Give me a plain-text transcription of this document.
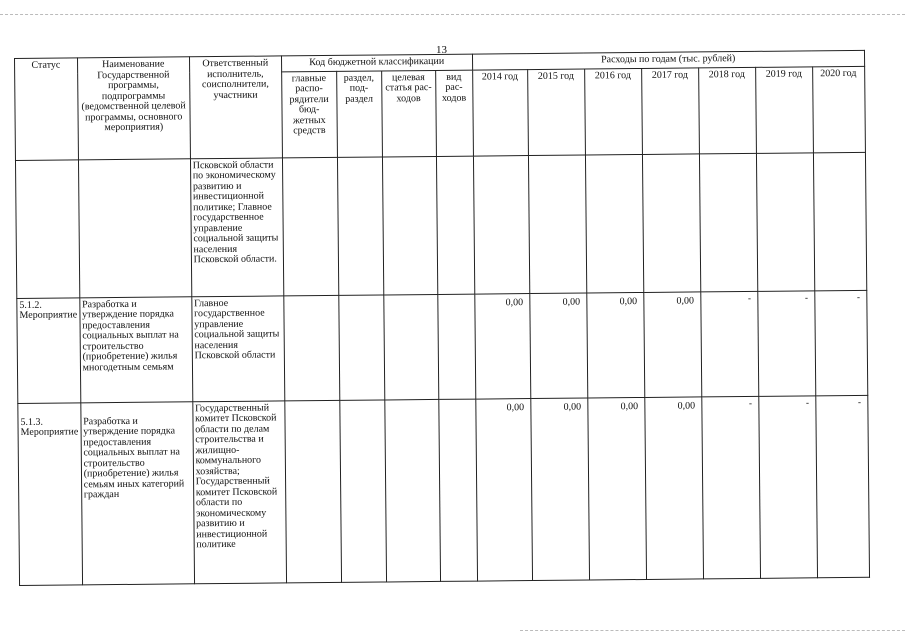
13
Статус	Наименование Государственной программы, подпрограммы (ведомственной целевой программы, основного мероприятия)	Ответственный исполнитель, соисполнители, участники	Код бюджетной классификации				Расходы по годам (тыс. рублей)						
			главные распо-рядители бюд-жетных средств	раздел, под-раздел	целевая статья рас-ходов	вид рас-ходов	2014 год	2015 год	2016 год	2017 год	2018 год	2019 год	2020 год
		Псковской области по экономическому развитию и инвестиционной политике; Главное государственное управление социальной защиты населения Псковской области.											
5.1.2. Мероприятие	Разработка и утверждение порядка предоставления социальных выплат на строительство (приобретение) жилья многодетным семьям	Главное государственное управление социальной защиты населения Псковской области					0,00	0,00	0,00	0,00	-	-	-
5.1.3. Мероприятие	Разработка и утверждение порядка предоставления социальных выплат на строительство (приобретение) жилья семьям иных категорий граждан	Государственный комитет Псковской области по делам строительства и жилищно-коммунального хозяйства; Государственный комитет Псковской области по экономическому развитию и инвестиционной политике					0,00	0,00	0,00	0,00	-	-	-
